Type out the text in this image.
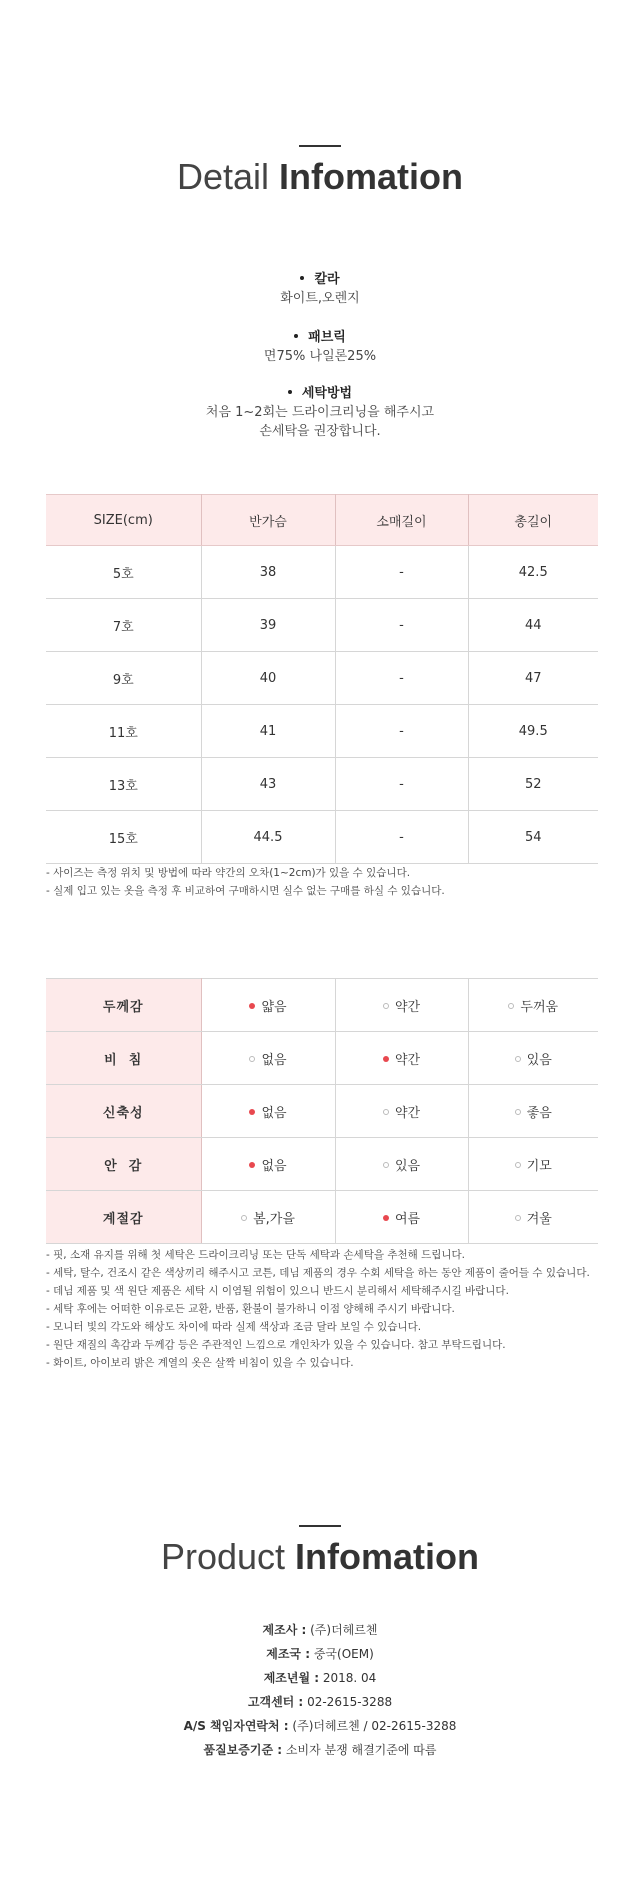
Detail Infomation
칼라
화이트,오렌지
패브릭
면75% 나일론25%
세탁방법
처음 1~2회는 드라이크리닝을 해주시고
손세탁을 권장합니다.
SIZE(cm)	반가슴	소매길이	총길이
5호	38	-	42.5
7호	39	-	44
9호	40	-	47
11호	41	-	49.5
13호	43	-	52
15호	44.5	-	54
- 사이즈는 측정 위치 및 방법에 따라 약간의 오차(1~2cm)가 있을 수 있습니다.
- 실제 입고 있는 옷을 측정 후 비교하여 구매하시면 실수 없는 구매를 하실 수 있습니다.
두께감	얇음	약간	두꺼움
비  침	없음	약간	있음
신축성	없음	약간	좋음
안  감	없음	있음	기모
계절감	봄,가을	여름	겨울
- 핏, 소재 유지를 위해 첫 세탁은 드라이크리닝 또는 단독 세탁과 손세탁을 추천해 드립니다.
- 세탁, 탈수, 건조시 같은 색상끼리 해주시고 코튼, 데님 제품의 경우 수회 세탁을 하는 동안 제품이 줄어들 수 있습니다.
- 데님 제품 및 색 원단 제품은 세탁 시 이염될 위험이 있으니 반드시 분리해서 세탁해주시길 바랍니다.
- 세탁 후에는 어떠한 이유로든 교환, 반품, 환불이 불가하니 이점 양해해 주시기 바랍니다.
- 모니터 빛의 각도와 해상도 차이에 따라 실제 색상과 조금 달라 보일 수 있습니다.
- 원단 재질의 촉감과 두께감 등은 주관적인 느낌으로 개인차가 있을 수 있습니다. 참고 부탁드립니다.
- 화이트, 아이보리 밝은 계열의 옷은 살짝 비침이 있을 수 있습니다.
Product Infomation
제조사 : (주)더헤르첸
제조국 : 중국(OEM)
제조년월 : 2018. 04
고객센터 : 02-2615-3288
A/S 책임자연락처 : (주)더헤르첸 / 02-2615-3288
품질보증기준 : 소비자 분쟁 해결기준에 따름
